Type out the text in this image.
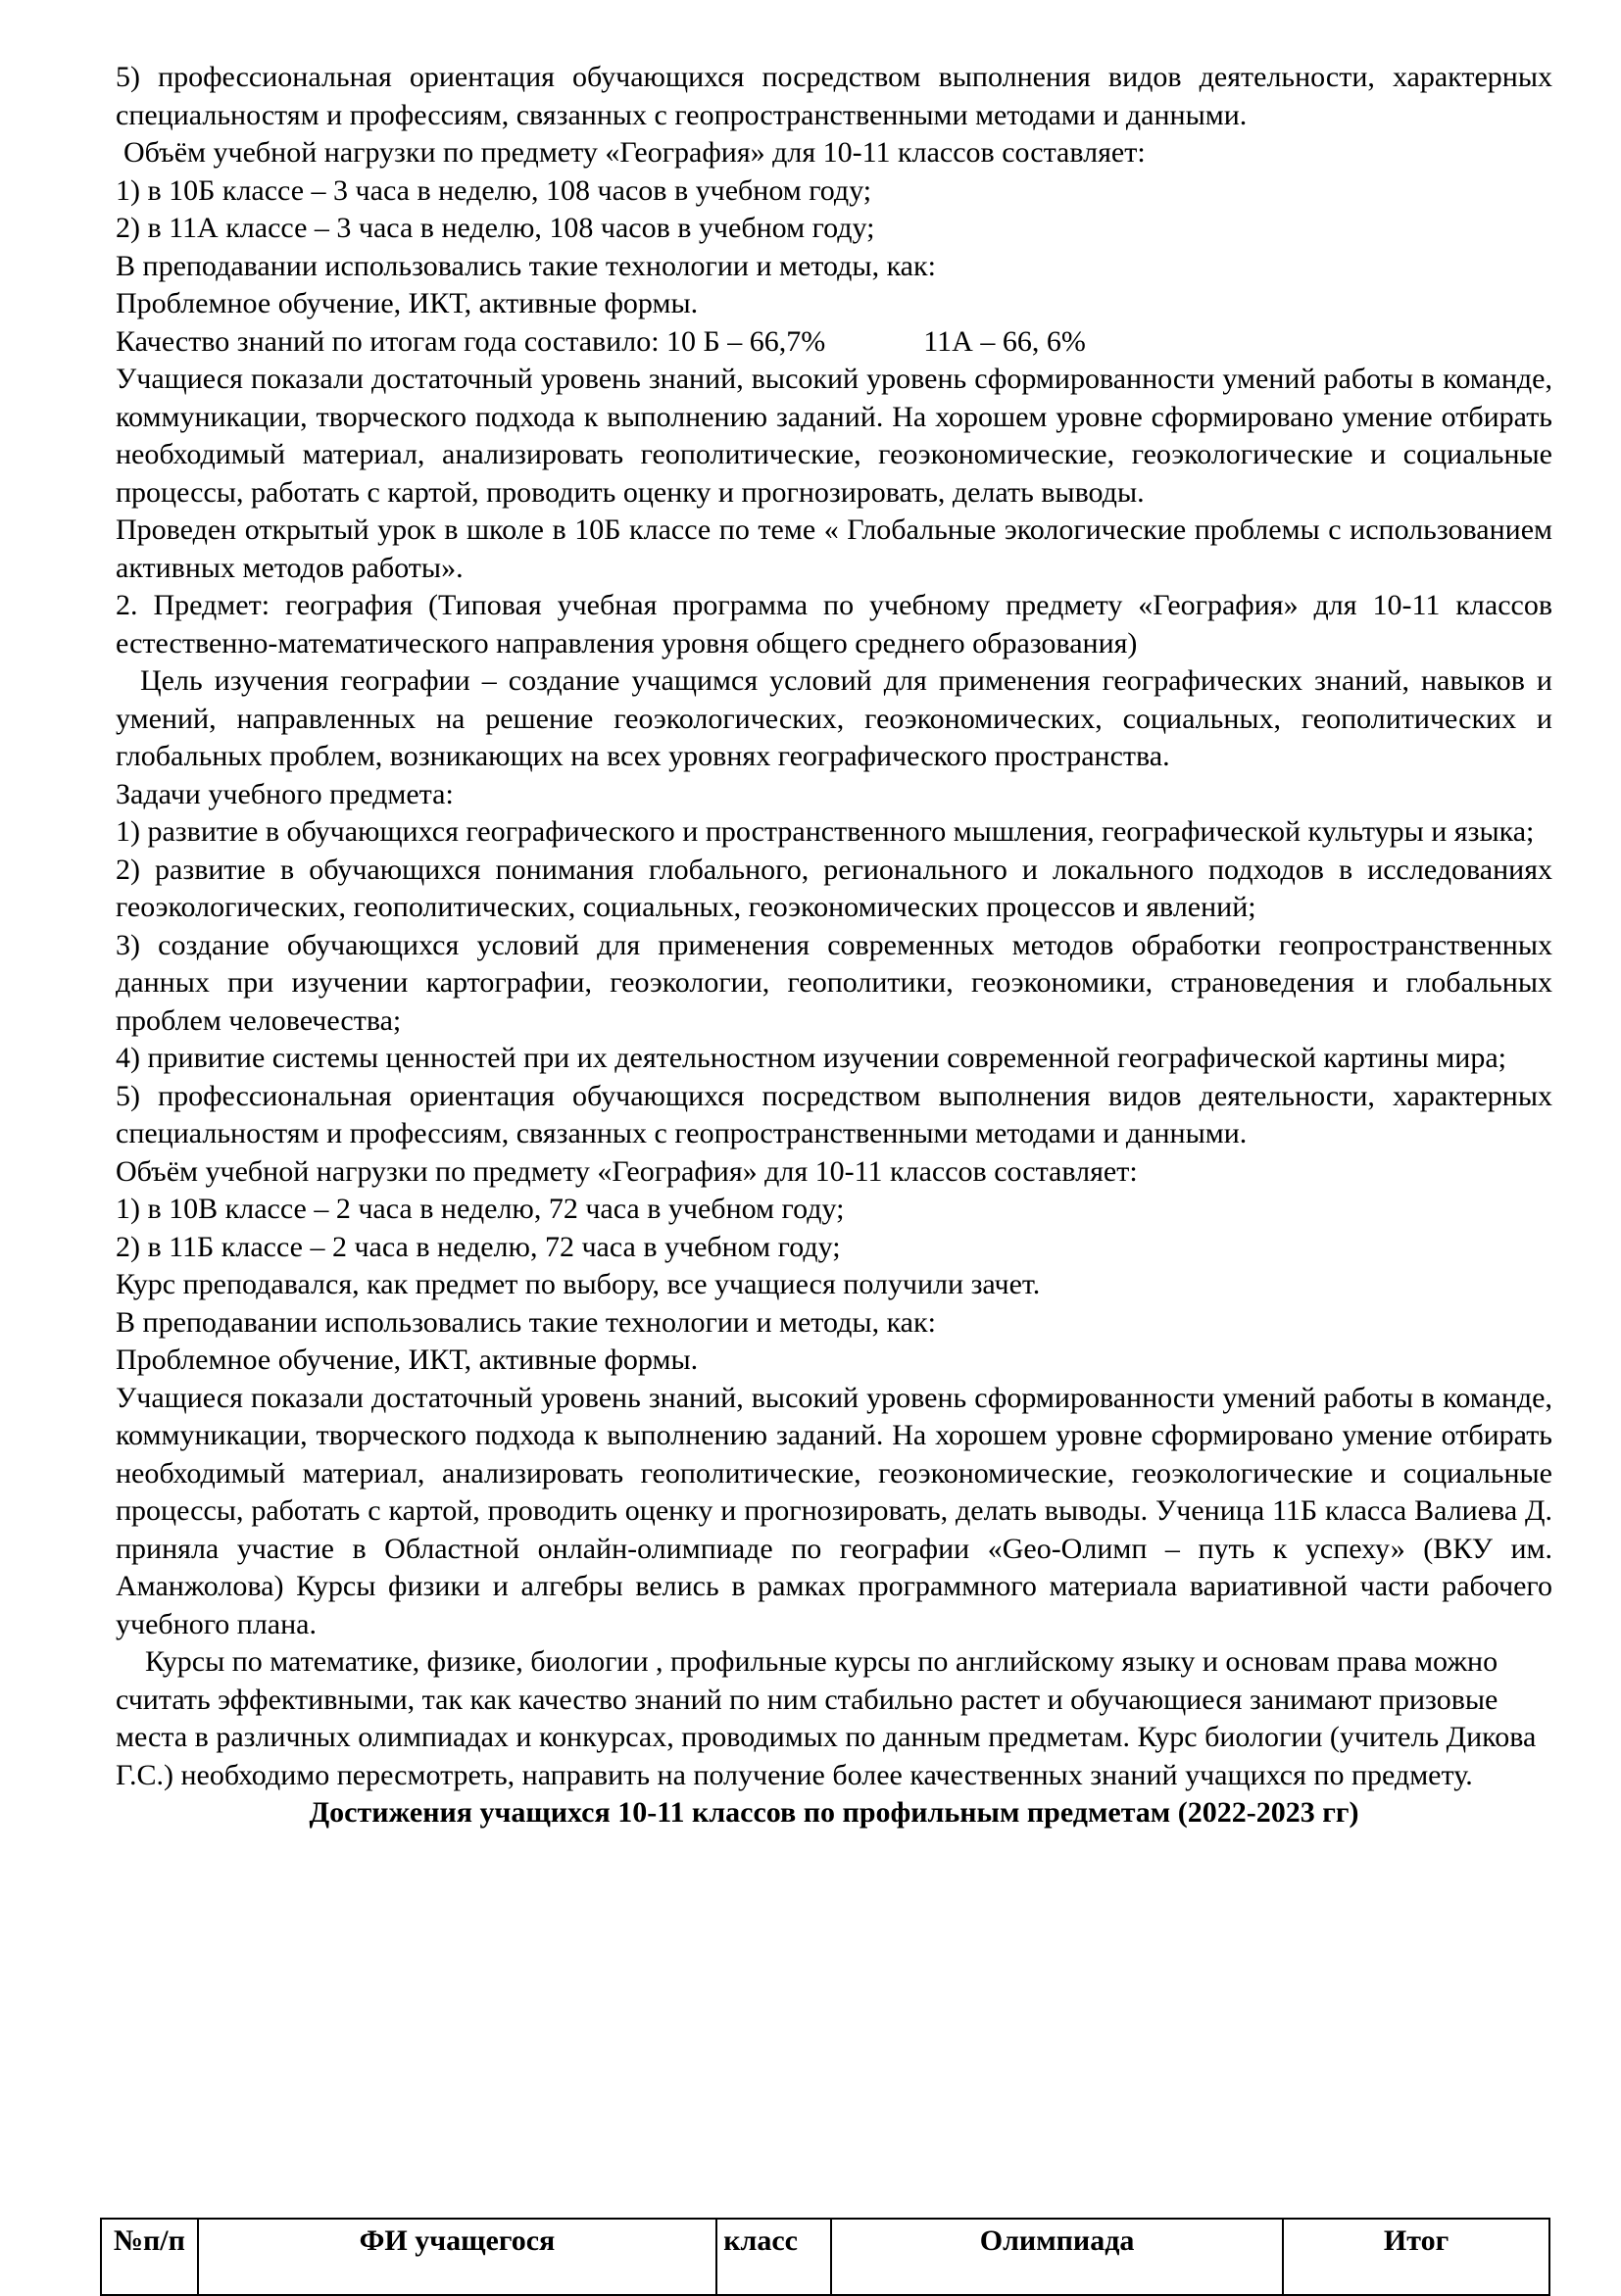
5) профессиональная ориентация обучающихся посредством выполнения видов деятельности, характерных специальностям и профессиям, связанных с геопространственными методами и данными.

Объём учебной нагрузки по предмету «География» для 10-11 классов составляет:

1) в 10Б классе – 3 часа в неделю, 108 часов в учебном году;

2) в 11А классе – 3 часа в неделю, 108 часов в учебном году;

В преподавании использовались такие технологии и методы, как:

Проблемное обучение, ИКТ, активные формы.

Качество знаний по итогам года составило: 10 Б – 66,7%	11А – 66, 6%

Учащиеся показали достаточный уровень знаний, высокий уровень сформированности умений работы в команде, коммуникации, творческого подхода к выполнению заданий. На хорошем уровне сформировано умение отбирать необходимый материал, анализировать геополитические, геоэкономические, геоэкологические и социальные процессы, работать с картой, проводить оценку и прогнозировать, делать выводы.

Проведен открытый урок в школе в 10Б классе по теме « Глобальные экологические проблемы с использованием активных методов работы».

2. Предмет: география (Типовая учебная программа по учебному предмету «География» для 10-11 классов естественно-математического направления уровня общего среднего образования)

Цель изучения географии – создание учащимся условий для применения географических знаний, навыков и умений, направленных на решение геоэкологических, геоэкономических, социальных, геополитических и глобальных проблем, возникающих на всех уровнях географического пространства.

Задачи учебного предмета:

1) развитие в обучающихся географического и пространственного мышления, географической культуры и языка;

2) развитие в обучающихся понимания глобального, регионального и локального подходов в исследованиях геоэкологических, геополитических, социальных, геоэкономических процессов и явлений;

3) создание обучающихся условий для применения современных методов обработки геопространственных данных при изучении картографии, геоэкологии, геополитики, геоэкономики, страноведения и глобальных проблем человечества;

4) привитие системы ценностей при их деятельностном изучении современной географической картины мира;

5) профессиональная ориентация обучающихся посредством выполнения видов деятельности, характерных специальностям и профессиям, связанных с геопространственными методами и данными.

Объём учебной нагрузки по предмету «География» для 10-11 классов составляет:

1) в 10В классе – 2 часа в неделю, 72 часа в учебном году;

2) в 11Б классе – 2 часа в неделю, 72 часа в учебном году;

Курс преподавался, как предмет по выбору, все учащиеся получили зачет.

В преподавании использовались такие технологии и методы, как:

Проблемное обучение, ИКТ, активные формы.

Учащиеся показали достаточный уровень знаний, высокий уровень сформированности умений работы в команде, коммуникации, творческого подхода к выполнению заданий. На хорошем уровне сформировано умение отбирать необходимый материал, анализировать геополитические, геоэкономические, геоэкологические и социальные процессы, работать с картой, проводить оценку и прогнозировать, делать выводы. Ученица 11Б класса Валиева Д. приняла участие в Областной онлайн-олимпиаде по географии «Geo-Олимп – путь к успеху» (ВКУ им. Аманжолова) Курсы физики и алгебры велись в рамках программного материала вариативной части рабочего учебного плана.

Курсы по математике, физике, биологии , профильные курсы по английскому языку и основам права можно считать эффективными, так как качество знаний по ним стабильно растет и обучающиеся занимают призовые места в различных олимпиадах и конкурсах, проводимых по данным предметам. Курс биологии (учитель Дикова Г.С.) необходимо пересмотреть, направить на получение более качественных знаний учащихся по предмету.

Достижения учащихся 10-11 классов по профильным предметам (2022-2023 гг)

№п/п	ФИ учащегося	класс	Олимпиада	Итог
